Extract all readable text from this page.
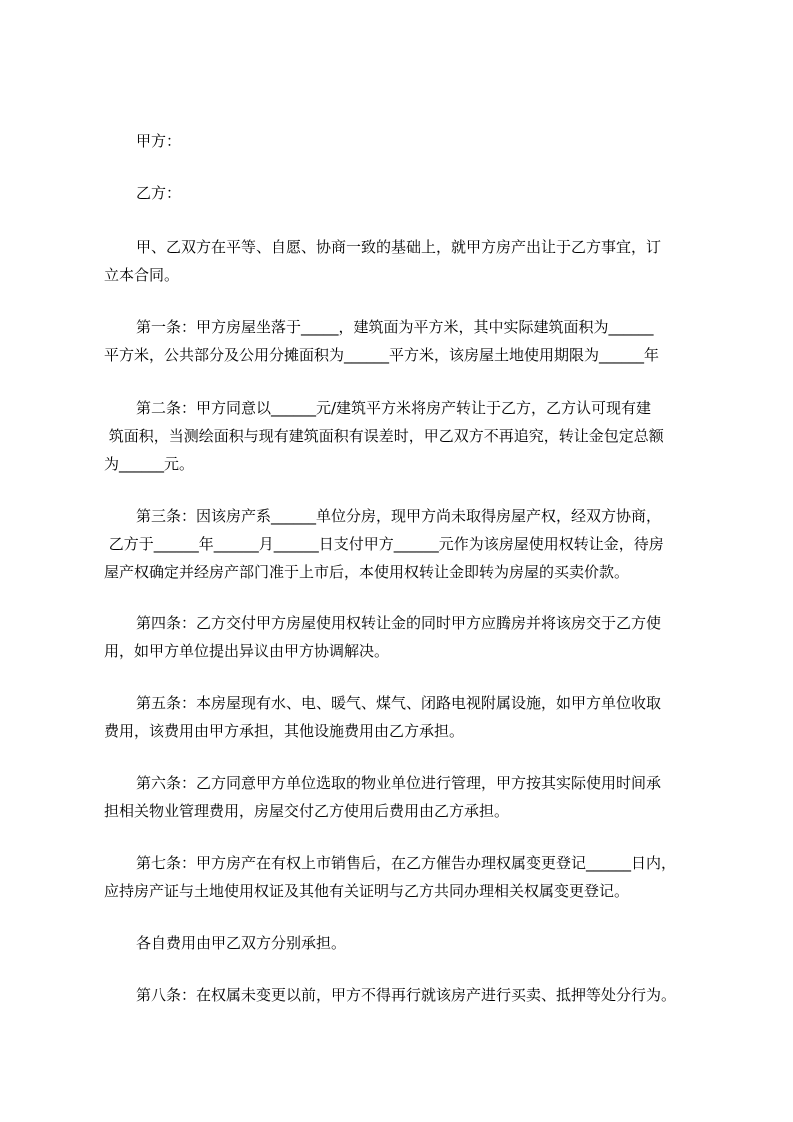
甲方：

乙方：

甲、乙双方在平等、自愿、协商一致的基础上，就甲方房产出让于乙方事宜，订
立本合同。

第一条：甲方房屋坐落于_____，建筑面为平方米，其中实际建筑面积为______
平方米，公共部分及公用分摊面积为______平方米，该房屋土地使用期限为______年

第二条：甲方同意以______元/建筑平方米将房产转让于乙方，乙方认可现有建
筑面积，当测绘面积与现有建筑面积有误差时，甲乙双方不再追究，转让金包定总额
为______元。

第三条：因该房产系______单位分房，现甲方尚未取得房屋产权，经双方协商，
乙方于______年______月______日支付甲方______元作为该房屋使用权转让金，待房
屋产权确定并经房产部门准于上市后，本使用权转让金即转为房屋的买卖价款。

第四条：乙方交付甲方房屋使用权转让金的同时甲方应腾房并将该房交于乙方使
用，如甲方单位提出异议由甲方协调解决。

第五条：本房屋现有水、电、暖气、煤气、闭路电视附属设施，如甲方单位收取
费用，该费用由甲方承担，其他设施费用由乙方承担。

第六条：乙方同意甲方单位选取的物业单位进行管理，甲方按其实际使用时间承
担相关物业管理费用，房屋交付乙方使用后费用由乙方承担。

第七条：甲方房产在有权上市销售后，在乙方催告办理权属变更登记______日内，
应持房产证与土地使用权证及其他有关证明与乙方共同办理相关权属变更登记。

各自费用由甲乙双方分别承担。

第八条：在权属未变更以前，甲方不得再行就该房产进行买卖、抵押等处分行为。
